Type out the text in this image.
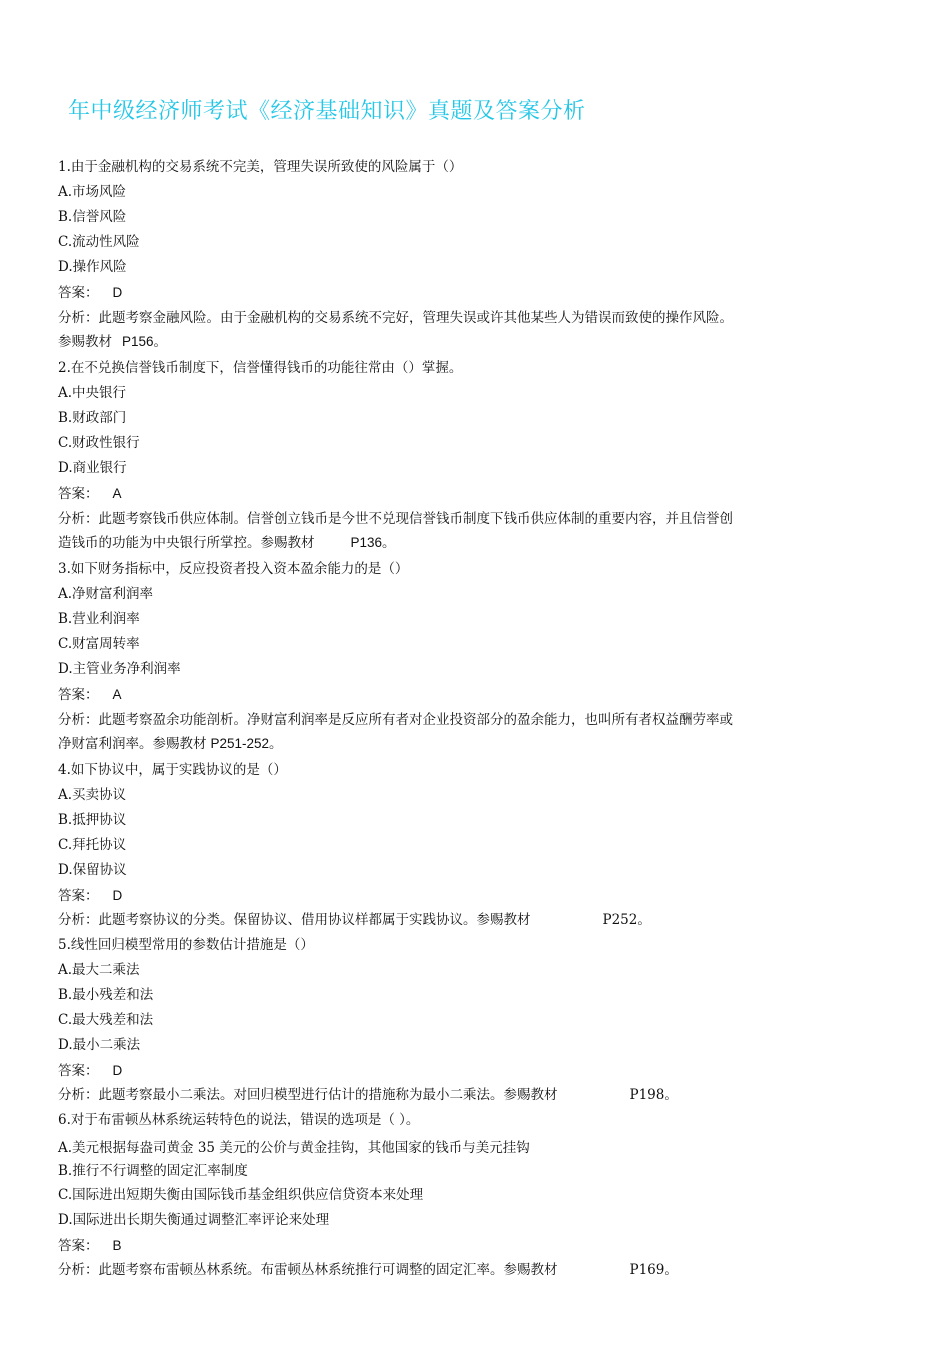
年中级经济师考试《经济基础知识》真题及答案分析
1.由于金融机构的交易系统不完美，管理失误所致使的风险属于（）
A.市场风险
B.信誉风险
C.流动性风险
D.操作风险
答案： D
分析：此题考察金融风险。由于金融机构的交易系统不完好，管理失误或许其他某些人为错误而致使的操作风险。
参赐教材 P156。
2.在不兑换信誉钱币制度下，信誉懂得钱币的功能往常由（）掌握。
A.中央银行
B.财政部门
C.财政性银行
D.商业银行
答案： A
分析：此题考察钱币供应体制。信誉创立钱币是今世不兑现信誉钱币制度下钱币供应体制的重要内容，并且信誉创
造钱币的功能为中央银行所掌控。参赐教材	P136。
3.如下财务指标中，反应投资者投入资本盈余能力的是（）
A.净财富利润率
B.营业利润率
C.财富周转率
D.主管业务净利润率
答案： A
分析：此题考察盈余功能剖析。净财富利润率是反应所有者对企业投资部分的盈余能力，也叫所有者权益酬劳率或
净财富利润率。参赐教材 P251-252。
4.如下协议中，属于实践协议的是（）
A.买卖协议
B.抵押协议
C.拜托协议
D.保留协议
答案： D
分析：此题考察协议的分类。保留协议、借用协议样都属于实践协议。参赐教材	P252。
5.线性回归模型常用的参数估计措施是（）
A.最大二乘法
B.最小残差和法
C.最大残差和法
D.最小二乘法
答案： D
分析：此题考察最小二乘法。对回归模型进行估计的措施称为最小二乘法。参赐教材	P198。
6.对于布雷顿丛林系统运转特色的说法，错误的选项是（ ）。
A.美元根据每盎司黄金 35 美元的公价与黄金挂钩，其他国家的钱币与美元挂钩
B.推行不行调整的固定汇率制度
C.国际进出短期失衡由国际钱币基金组织供应信贷资本来处理
D.国际进出长期失衡通过调整汇率评论来处理
答案： B
分析：此题考察布雷顿丛林系统。布雷顿丛林系统推行可调整的固定汇率。参赐教材	P169。
